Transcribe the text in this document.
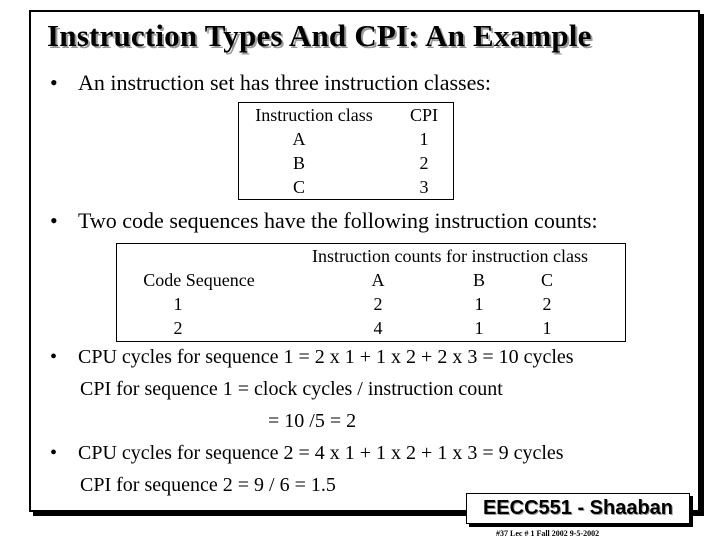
Instruction Types And CPI: An Example
• An instruction set has three instruction classes:
Instruction class	CPI
A	1
B	2
C	3
• Two code sequences have the following instruction counts:
Instruction counts for instruction class
Code Sequence	A	B	C
1	2	1	2
2	4	1	1
• CPU cycles for sequence 1 = 2 x 1 + 1 x 2 + 2 x 3 = 10 cycles
CPI for sequence 1 = clock cycles / instruction count
= 10 /5 = 2
• CPU cycles for sequence 2 = 4 x 1 + 1 x 2 + 1 x 3 = 9 cycles
CPI for sequence 2 = 9 / 6 = 1.5
EECC551 - Shaaban
#37 Lec # 1 Fall 2002 9-5-2002
